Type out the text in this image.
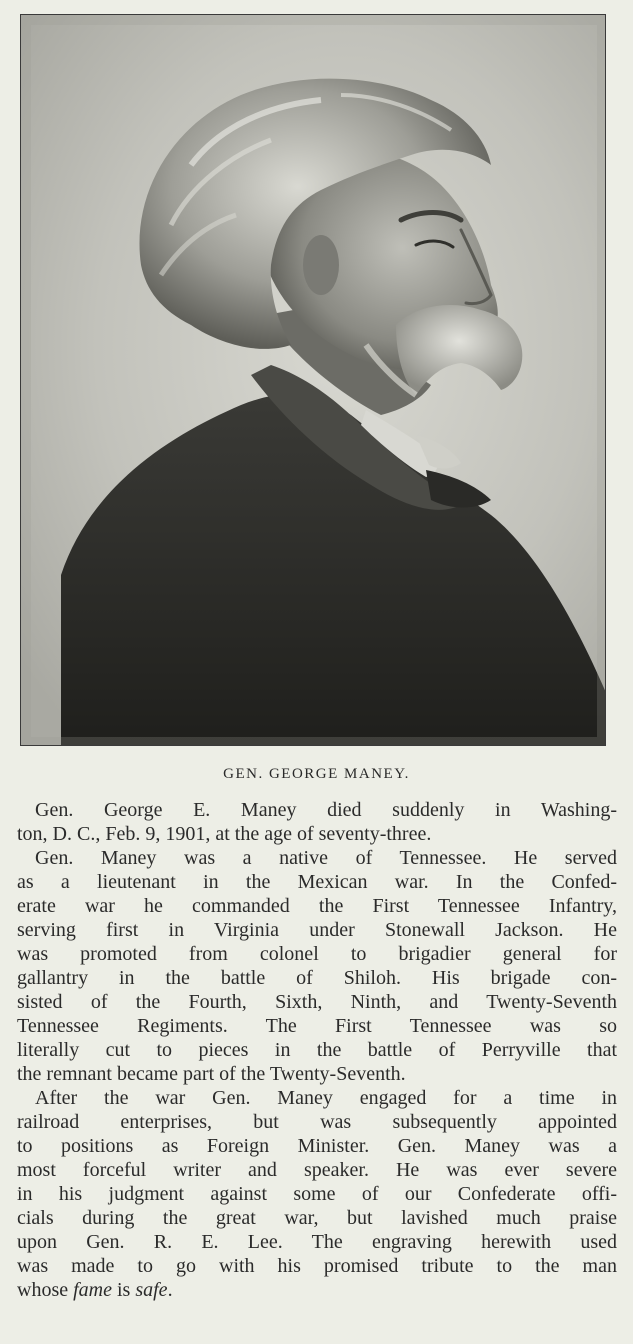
GEN. GEORGE MANEY.
Gen. George E. Maney died suddenly in Washing-
ton, D. C., Feb. 9, 1901, at the age of seventy-three.
Gen. Maney was a native of Tennessee. He served
as a lieutenant in the Mexican war. In the Confed-
erate war he commanded the First Tennessee Infantry,
serving first in Virginia under Stonewall Jackson. He
was promoted from colonel to brigadier general for
gallantry in the battle of Shiloh. His brigade con-
sisted of the Fourth, Sixth, Ninth, and Twenty-Seventh
Tennessee Regiments. The First Tennessee was so
literally cut to pieces in the battle of Perryville that
the remnant became part of the Twenty-Seventh.
After the war Gen. Maney engaged for a time in
railroad enterprises, but was subsequently appointed
to positions as Foreign Minister. Gen. Maney was a
most forceful writer and speaker. He was ever severe
in his judgment against some of our Confederate offi-
cials during the great war, but lavished much praise
upon Gen. R. E. Lee. The engraving herewith used
was made to go with his promised tribute to the man
whose fame is safe.
